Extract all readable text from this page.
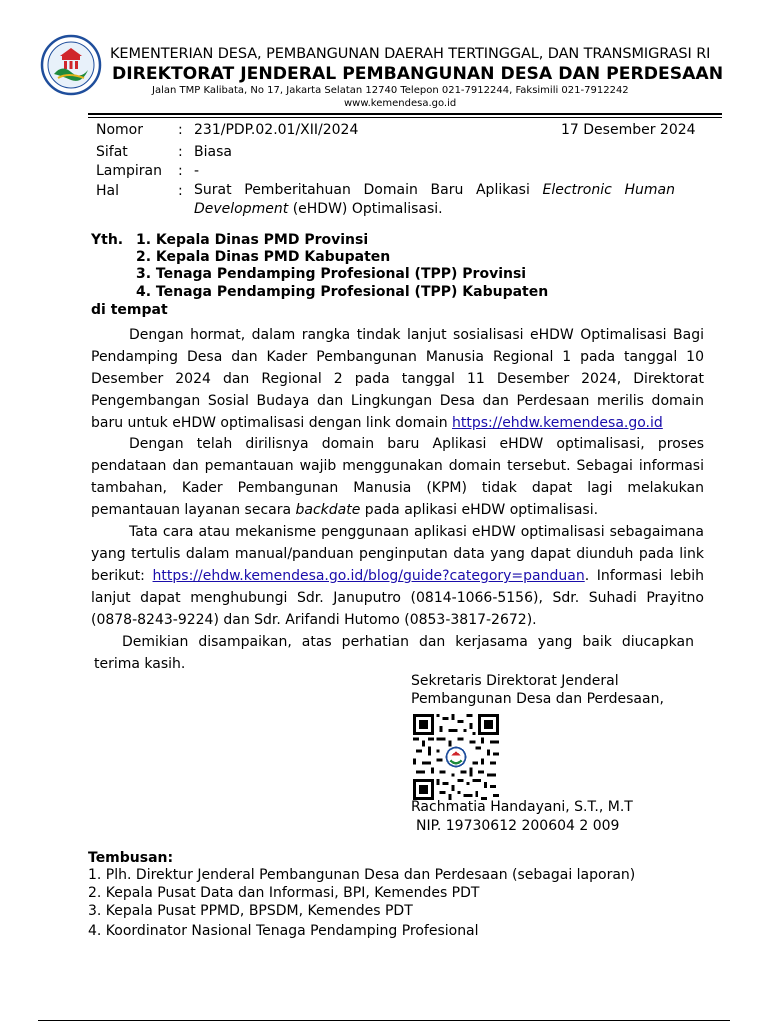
KEMENTERIAN DESA, PEMBANGUNAN DAERAH TERTINGGAL, DAN TRANSMIGRASI RI
DIREKTORAT JENDERAL PEMBANGUNAN DESA DAN PERDESAAN
Jalan TMP Kalibata, No 17, Jakarta Selatan 12740 Telepon 021-7912244, Faksimili 021-7912242
www.kemendesa.go.id
Nomor	: 231/PDP.02.01/XII/2024	17 Desember 2024
Sifat	: Biasa
Lampiran : -
Hal	: Surat Pemberitahuan Domain Baru Aplikasi Electronic Human Development (eHDW) Optimalisasi.
Yth. 1. Kepala Dinas PMD Provinsi
2. Kepala Dinas PMD Kabupaten
3. Tenaga Pendamping Profesional (TPP) Provinsi
4. Tenaga Pendamping Profesional (TPP) Kabupaten
di tempat

Dengan hormat, dalam rangka tindak lanjut sosialisasi eHDW Optimalisasi Bagi Pendamping Desa dan Kader Pembangunan Manusia Regional 1 pada tanggal 10 Desember 2024 dan Regional 2 pada tanggal 11 Desember 2024, Direktorat Pengembangan Sosial Budaya dan Lingkungan Desa dan Perdesaan merilis domain baru untuk eHDW optimalisasi dengan link domain https://ehdw.kemendesa.go.id

Dengan telah dirilisnya domain baru Aplikasi eHDW optimalisasi, proses pendataan dan pemantauan wajib menggunakan domain tersebut. Sebagai informasi tambahan, Kader Pembangunan Manusia (KPM) tidak dapat lagi melakukan pemantauan layanan secara backdate pada aplikasi eHDW optimalisasi.

Tata cara atau mekanisme penggunaan aplikasi eHDW optimalisasi sebagaimana yang tertulis dalam manual/panduan penginputan data yang dapat diunduh pada link berikut: https://ehdw.kemendesa.go.id/blog/guide?category=panduan. Informasi lebih lanjut dapat menghubungi Sdr. Januputro (0814-1066-5156), Sdr. Suhadi Prayitno (0878-8243-9224) dan Sdr. Arifandi Hutomo (0853-3817-2672).

Demikian disampaikan, atas perhatian dan kerjasama yang baik diucapkan terima kasih.

Sekretaris Direktorat Jenderal
Pembangunan Desa dan Perdesaan,
Rachmatia Handayani, S.T., M.T
NIP. 19730612 200604 2 009
Tembusan:
1. Plh. Direktur Jenderal Pembangunan Desa dan Perdesaan (sebagai laporan)
2. Kepala Pusat Data dan Informasi, BPI, Kemendes PDT
3. Kepala Pusat PPMD, BPSDM, Kemendes PDT
4. Koordinator Nasional Tenaga Pendamping Profesional
